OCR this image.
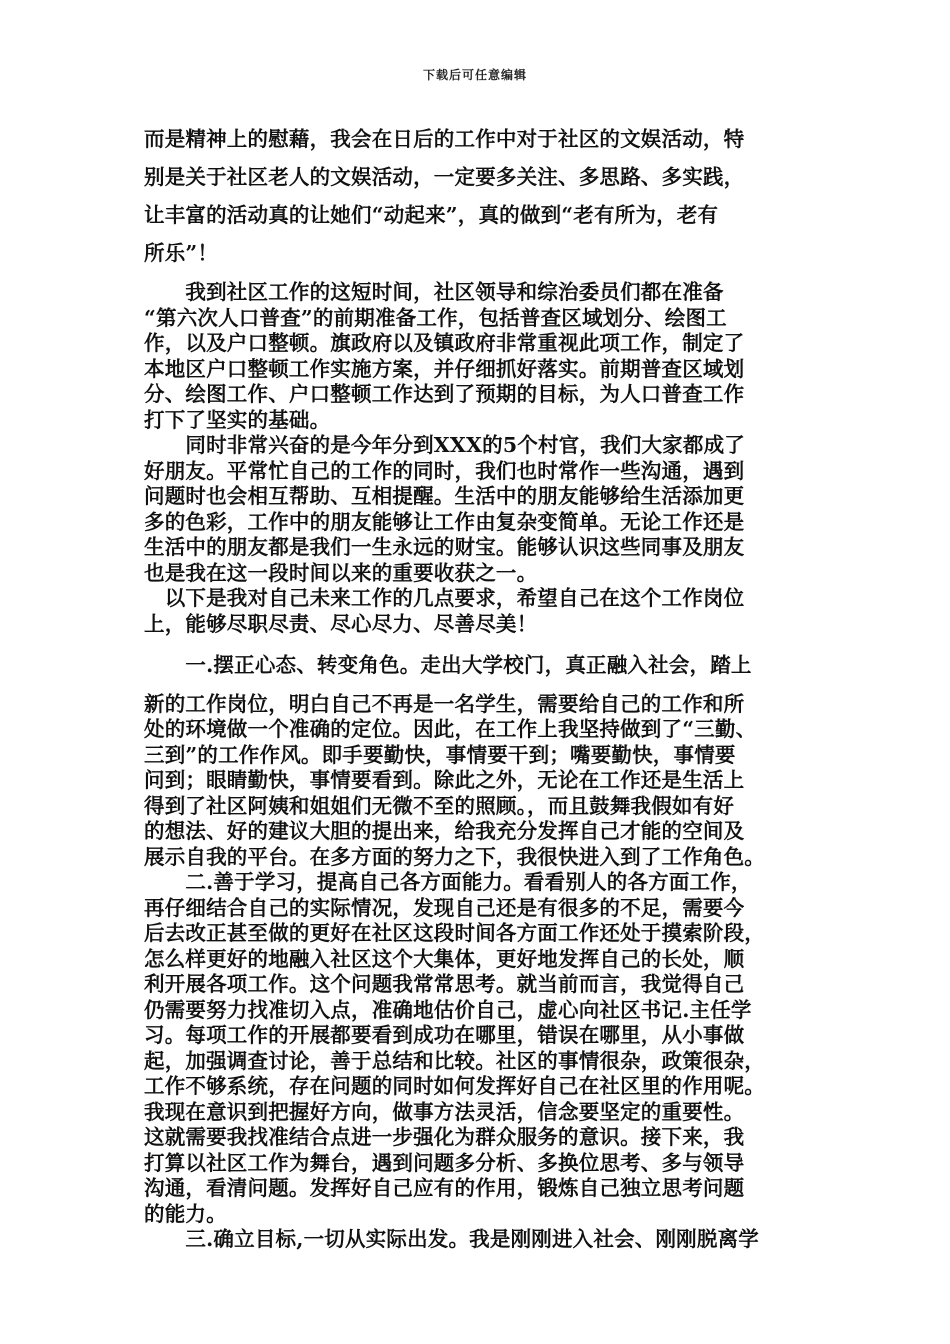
下载后可任意编辑
而是精神上的慰藉，我会在日后的工作中对于社区的文娱活动，特
别是关于社区老人的文娱活动，一定要多关注、多思路、多实践，
让丰富的活动真的让她们“动起来”，真的做到“老有所为，老有
所乐”！
　　我到社区工作的这短时间，社区领导和综治委员们都在准备
“第六次人口普查”的前期准备工作，包括普查区域划分、绘图工
作，以及户口整顿。旗政府以及镇政府非常重视此项工作，制定了
本地区户口整顿工作实施方案，并仔细抓好落实。前期普查区域划
分、绘图工作、户口整顿工作达到了预期的目标，为人口普查工作
打下了坚实的基础。
　　同时非常兴奋的是今年分到XXX的5个村官，我们大家都成了
好朋友。平常忙自己的工作的同时，我们也时常作一些沟通，遇到
问题时也会相互帮助、互相提醒。生活中的朋友能够给生活添加更
多的色彩，工作中的朋友能够让工作由复杂变简单。无论工作还是
生活中的朋友都是我们一生永远的财宝。能够认识这些同事及朋友
也是我在这一段时间以来的重要收获之一。
　以下是我对自己未来工作的几点要求，希望自己在这个工作岗位
上，能够尽职尽责、尽心尽力、尽善尽美！
　　一.摆正心态、转变角色。走出大学校门，真正融入社会，踏上
新的工作岗位，明白自己不再是一名学生，需要给自己的工作和所
处的环境做一个准确的定位。因此，在工作上我坚持做到了“三勤、
三到”的工作作风。即手要勤快，事情要干到；嘴要勤快，事情要
问到；眼睛勤快，事情要看到。除此之外，无论在工作还是生活上
得到了社区阿姨和姐姐们无微不至的照顾。，而且鼓舞我假如有好
的想法、好的建议大胆的提出来，给我充分发挥自己才能的空间及
展示自我的平台。在多方面的努力之下，我很快进入到了工作角色。
　　二.善于学习，提高自己各方面能力。看看别人的各方面工作，
再仔细结合自己的实际情况，发现自己还是有很多的不足，需要今
后去改正甚至做的更好在社区这段时间各方面工作还处于摸索阶段，
怎么样更好的地融入社区这个大集体，更好地发挥自己的长处，顺
利开展各项工作。这个问题我常常思考。就当前而言，我觉得自己
仍需要努力找准切入点，准确地估价自己，虚心向社区书记.主任学
习。每项工作的开展都要看到成功在哪里，错误在哪里，从小事做
起，加强调查讨论，善于总结和比较。社区的事情很杂，政策很杂，
工作不够系统，存在问题的同时如何发挥好自己在社区里的作用呢。
我现在意识到把握好方向，做事方法灵活，信念要坚定的重要性。
这就需要我找准结合点进一步强化为群众服务的意识。接下来，我
打算以社区工作为舞台，遇到问题多分析、多换位思考、多与领导
沟通，看清问题。发挥好自己应有的作用，锻炼自己独立思考问题
的能力。
　　三.确立目标,一切从实际出发。我是刚刚进入社会、刚刚脱离学
